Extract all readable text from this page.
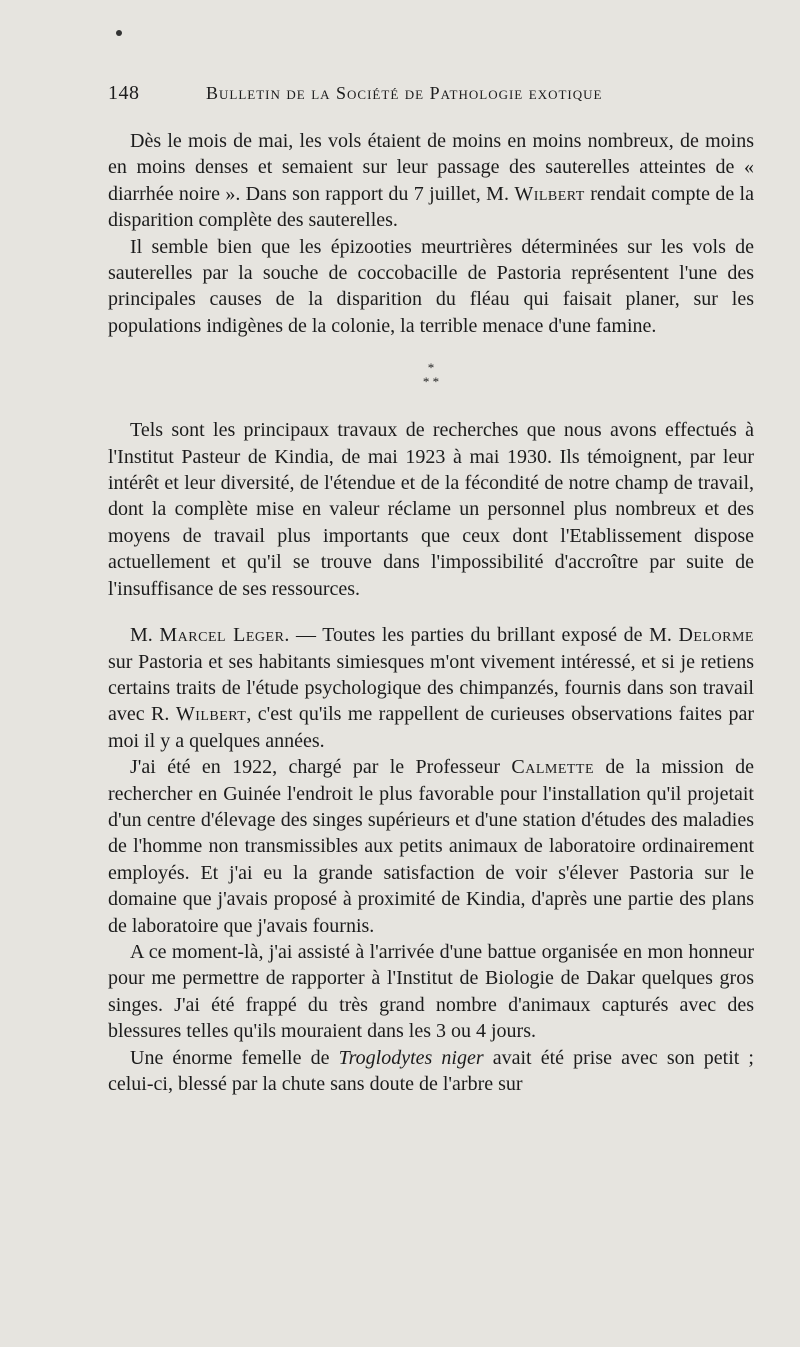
148	Bulletin de la Société de Pathologie exotique

Dès le mois de mai, les vols étaient de moins en moins nombreux, de moins en moins denses et semaient sur leur passage des sauterelles atteintes de « diarrhée noire ». Dans son rapport du 7 juillet, M. Wilbert rendait compte de la disparition complète des sauterelles.

Il semble bien que les épizooties meurtrières déterminées sur les vols de sauterelles par la souche de coccobacille de Pastoria représentent l'une des principales causes de la disparition du fléau qui faisait planer, sur les populations indigènes de la colonie, la terrible menace d'une famine.

*
* *

Tels sont les principaux travaux de recherches que nous avons effectués à l'Institut Pasteur de Kindia, de mai 1923 à mai 1930. Ils témoignent, par leur intérêt et leur diversité, de l'étendue et de la fécondité de notre champ de travail, dont la complète mise en valeur réclame un personnel plus nombreux et des moyens de travail plus importants que ceux dont l'Etablissement dispose actuellement et qu'il se trouve dans l'impossibilité d'accroître par suite de l'insuffisance de ses ressources.

M. Marcel Leger. — Toutes les parties du brillant exposé de M. Delorme sur Pastoria et ses habitants simiesques m'ont vivement intéressé, et si je retiens certains traits de l'étude psychologique des chimpanzés, fournis dans son travail avec R. Wilbert, c'est qu'ils me rappellent de curieuses observations faites par moi il y a quelques années.

J'ai été en 1922, chargé par le Professeur Calmette de la mission de rechercher en Guinée l'endroit le plus favorable pour l'installation qu'il projetait d'un centre d'élevage des singes supérieurs et d'une station d'études des maladies de l'homme non transmissibles aux petits animaux de laboratoire ordinairement employés. Et j'ai eu la grande satisfaction de voir s'élever Pastoria sur le domaine que j'avais proposé à proximité de Kindia, d'après une partie des plans de laboratoire que j'avais fournis.

A ce moment-là, j'ai assisté à l'arrivée d'une battue organisée en mon honneur pour me permettre de rapporter à l'Institut de Biologie de Dakar quelques gros singes. J'ai été frappé du très grand nombre d'animaux capturés avec des blessures telles qu'ils mouraient dans les 3 ou 4 jours.

Une énorme femelle de Troglodytes niger avait été prise avec son petit ; celui-ci, blessé par la chute sans doute de l'arbre sur
